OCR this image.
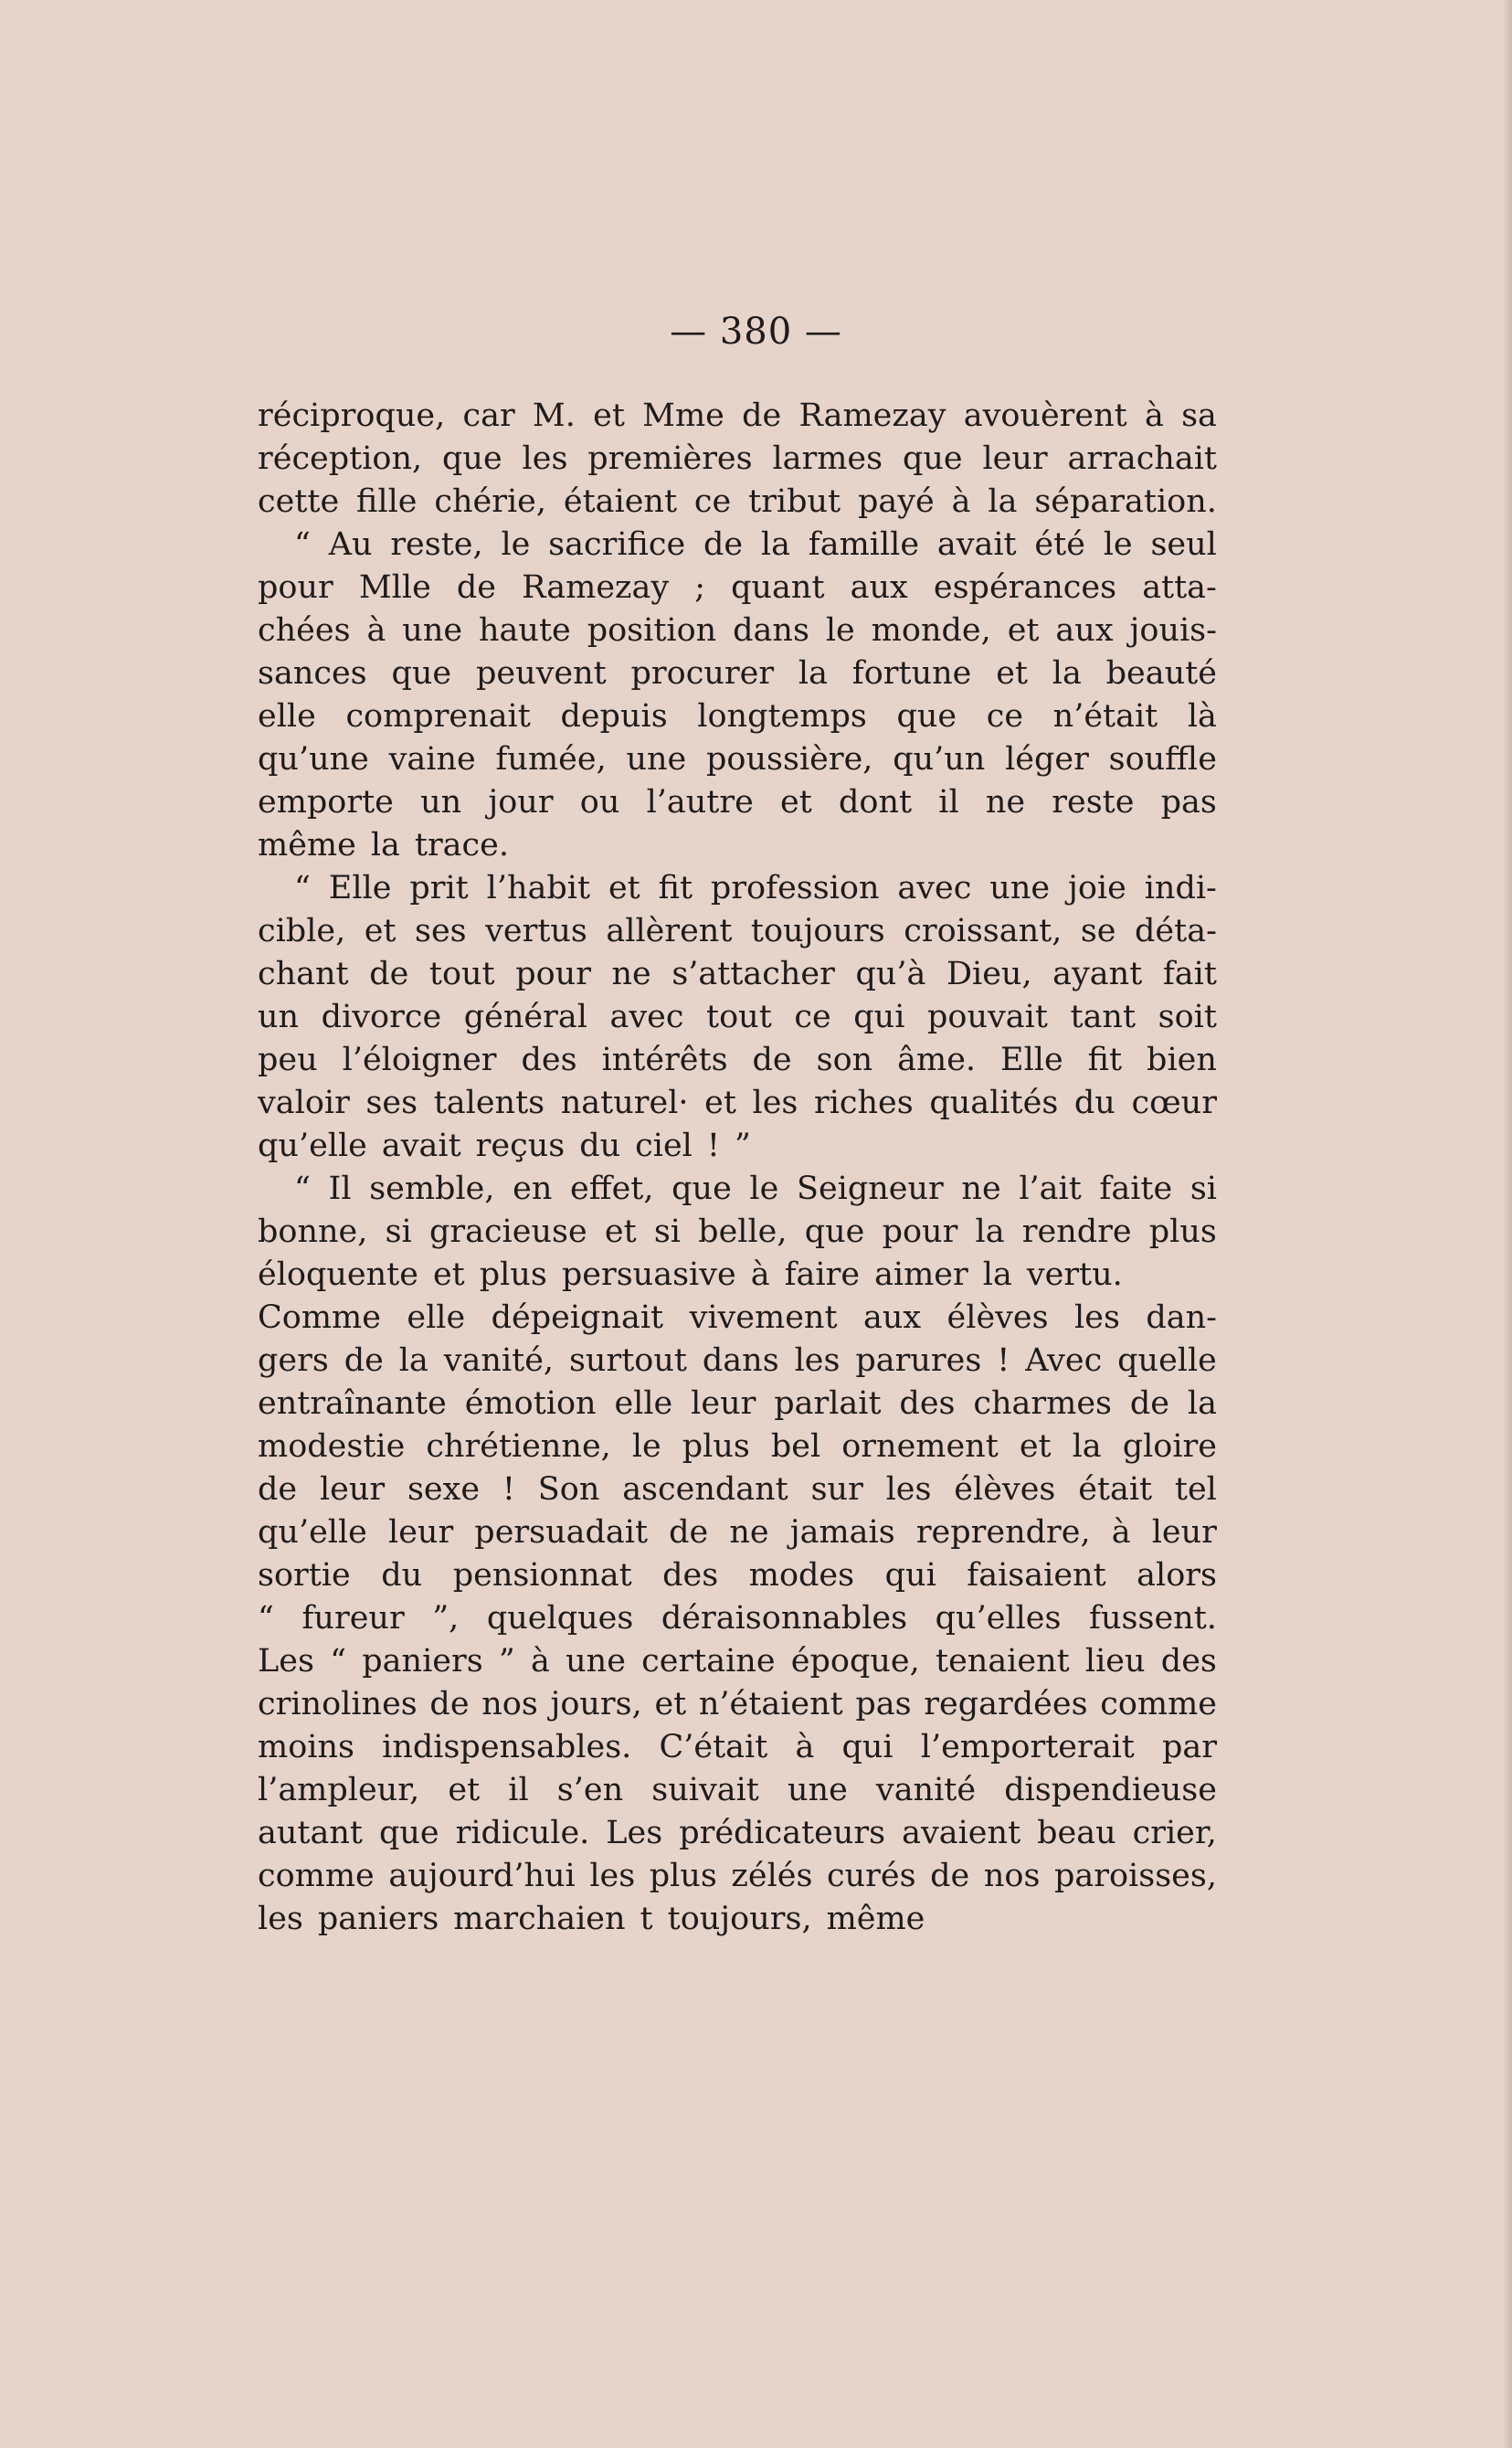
— 380 —
réciproque, car M. et Mme de Ramezay avouèrent à sa
réception, que les premières larmes que leur arrachait
cette fille chérie, étaient ce tribut payé à la séparation.
“ Au reste, le sacrifice de la famille avait été le seul
pour Mlle de Ramezay ; quant aux espérances atta-
chées à une haute position dans le monde, et aux jouis-
sances que peuvent procurer la fortune et la beauté
elle comprenait depuis longtemps que ce n’était là
qu’une vaine fumée, une poussière, qu’un léger souffle
emporte un jour ou l’autre et dont il ne reste pas
même la trace.
“ Elle prit l’habit et fit profession avec une joie indi-
cible, et ses vertus allèrent toujours croissant, se déta-
chant de tout pour ne s’attacher qu’à Dieu, ayant fait
un divorce général avec tout ce qui pouvait tant soit
peu l’éloigner des intérêts de son âme. Elle fit bien
valoir ses talents naturel· et les riches qualités du cœur
qu’elle avait reçus du ciel ! ”
“ Il semble, en effet, que le Seigneur ne l’ait faite si
bonne, si gracieuse et si belle, que pour la rendre plus
éloquente et plus persuasive à faire aimer la vertu.
Comme elle dépeignait vivement aux élèves les dan-
gers de la vanité, surtout dans les parures ! Avec quelle
entraînante émotion elle leur parlait des charmes de la
modestie chrétienne, le plus bel ornement et la gloire
de leur sexe ! Son ascendant sur les élèves était tel
qu’elle leur persuadait de ne jamais reprendre, à leur
sortie du pensionnat des modes qui faisaient alors
“ fureur ”, quelques déraisonnables qu’elles fussent.
Les “ paniers ” à une certaine époque, tenaient lieu des
crinolines de nos jours, et n’étaient pas regardées comme
moins indispensables. C’était à qui l’emporterait par
l’ampleur, et il s’en suivait une vanité dispendieuse
autant que ridicule. Les prédicateurs avaient beau crier,
comme aujourd’hui les plus zélés curés de nos paroisses,
les paniers marchaien t toujours, même
